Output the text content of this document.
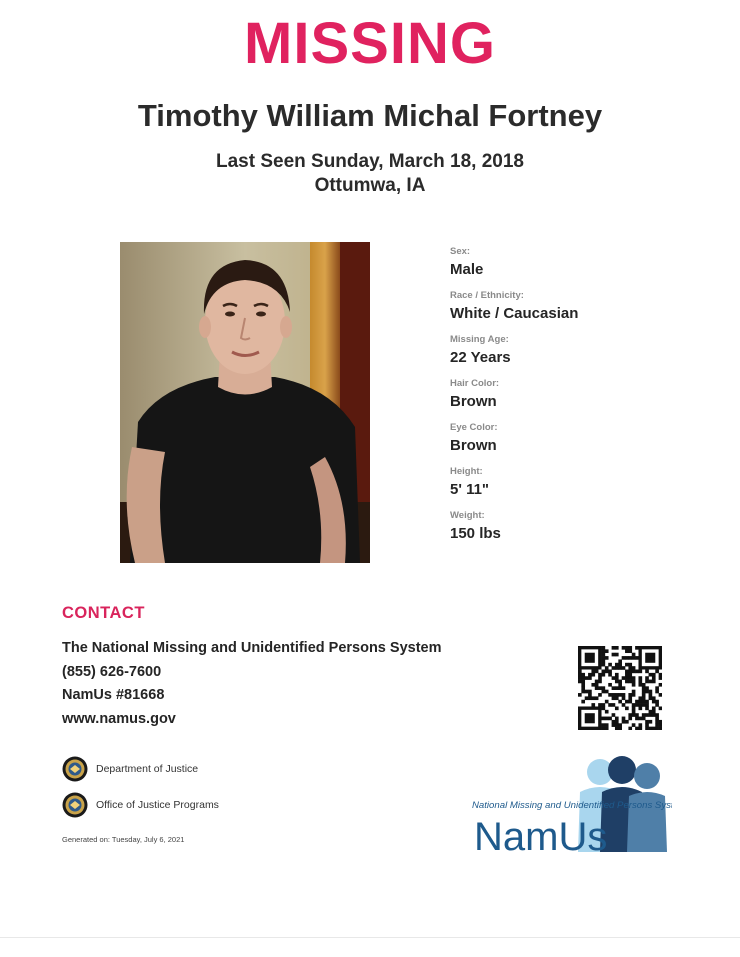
MISSING
Timothy William Michal Fortney
Last Seen Sunday, March 18, 2018
Ottumwa, IA
Sex:
Male
Race / Ethnicity:
White / Caucasian
Missing Age:
22 Years
Hair Color:
Brown
Eye Color:
Brown
Height:
5' 11"
Weight:
150 lbs
CONTACT
The National Missing and Unidentified Persons System
(855) 626-7600
NamUs #81668
www.namus.gov
Department of Justice
Office of Justice Programs
Generated on: Tuesday, July 6, 2021
National Missing and Unidentified Persons System
NamUs
